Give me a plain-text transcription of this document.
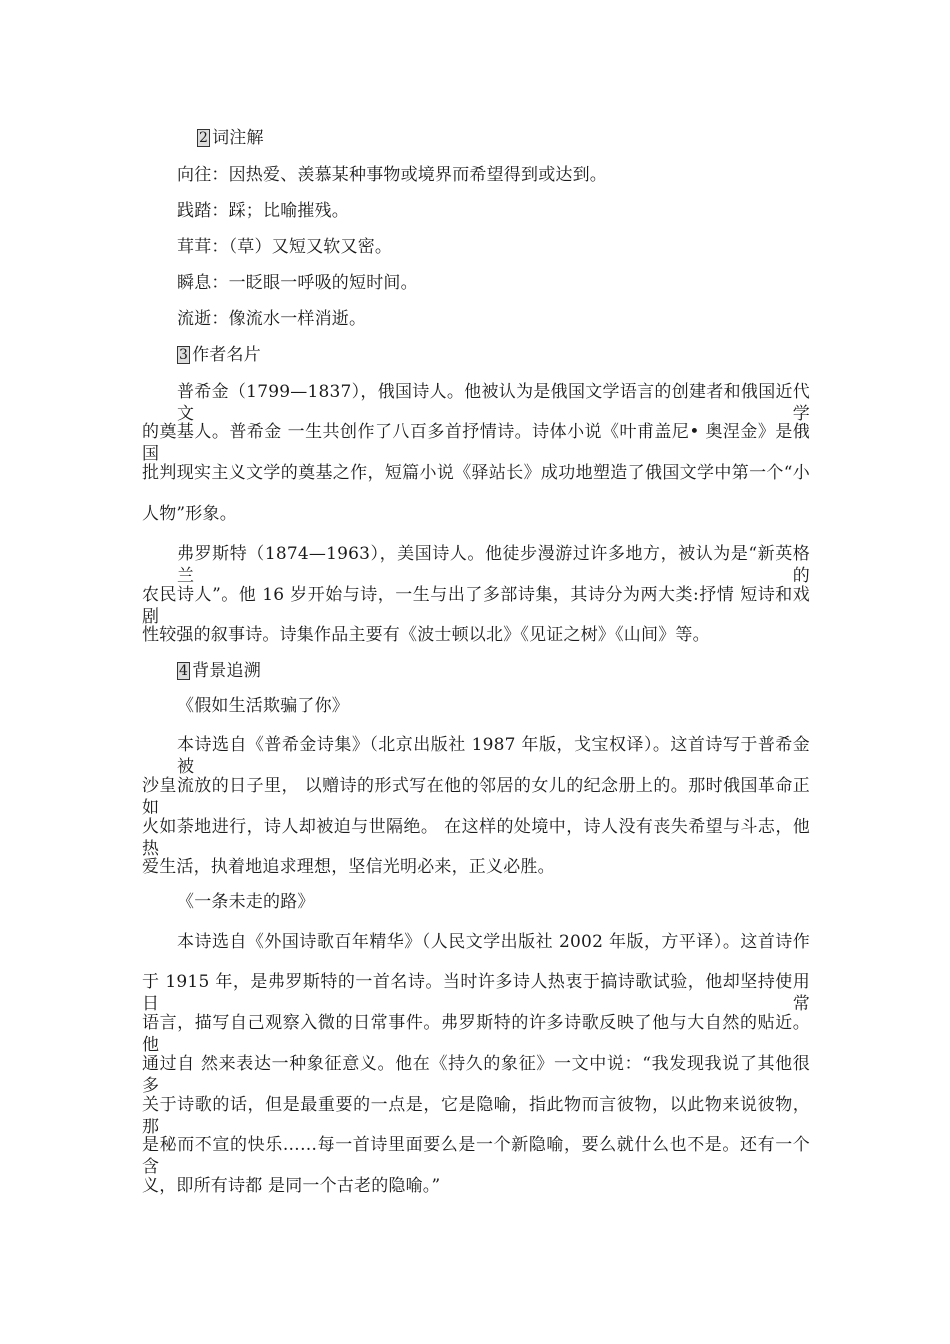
2 词注解
向往：因热爱、羡慕某种事物或境界而希望得到或达到。
践踏：踩；比喻摧残。
茸茸：（草）又短又软又密。
瞬息：一眨眼一呼吸的短时间。
流逝：像流水一样消逝。
3 作者名片
普希金（1799—1837），俄国诗人。他被认为是俄国文学语言的创建者和俄国近代文学
的奠基人。普希金 一生共创作了八百多首抒情诗。诗体小说《叶甫盖尼• 奥涅金》是俄国
批判现实主义文学的奠基之作，短篇小说《驿站长》成功地塑造了俄国文学中第一个“小
人物”形象。
弗罗斯特（1874—1963），美国诗人。他徒步漫游过许多地方，被认为是“新英格兰的
农民诗人”。他 16 岁开始与诗，一生与出了多部诗集，其诗分为两大类:抒情 短诗和戏剧
性较强的叙事诗。诗集作品主要有《波士顿以北》《见证之树》《山间》等。
4 背景追溯
《假如生活欺骗了你》
本诗选自《普希金诗集》（北京出版社 1987 年版，戈宝权译）。这首诗写于普希金被
沙皇流放的日子里， 以赠诗的形式写在他的邻居的女儿的纪念册上的。那时俄国革命正如
火如荼地进行，诗人却被迫与世隔绝。 在这样的处境中，诗人没有丧失希望与斗志，他热
爱生活，执着地追求理想，坚信光明必来，正义必胜。
《一条未走的路》
本诗选自《外国诗歌百年精华》（人民文学出版社 2002 年版，方平译）。这首诗作
于 1915 年，是弗罗斯特的一首名诗。当时许多诗人热衷于搞诗歌试验，他却坚持使用日常
语言，描写自己观察入微的日常事件。弗罗斯特的许多诗歌反映了他与大自然的贴近。他
通过自 然来表达一种象征意义。他在《持久的象征》一文中说：“我发现我说了其他很多
关于诗歌的话，但是最重要的一点是，它是隐喻，指此物而言彼物，以此物来说彼物， 那
是秘而不宣的快乐……每一首诗里面要么是一个新隐喻，要么就什么也不是。还有一个含
义，即所有诗都 是同一个古老的隐喻。”
